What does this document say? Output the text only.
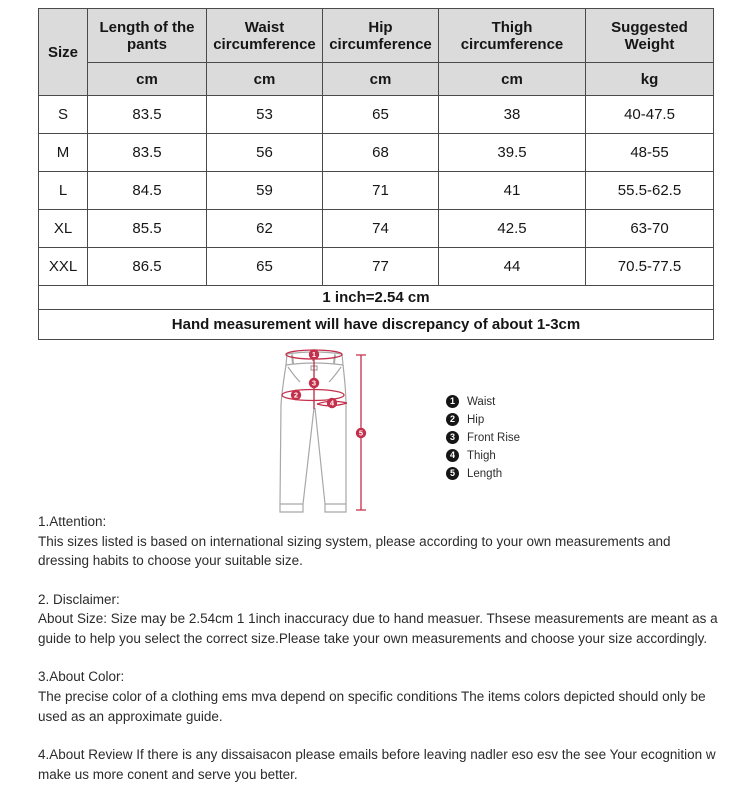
Size	Length of the pants	Waist circumference	Hip circumference	Thigh circumference	Suggested Weight
	cm	cm	cm	cm	kg
S	83.5	53	65	38	40-47.5
M	83.5	56	68	39.5	48-55
L	84.5	59	71	41	55.5-62.5
XL	85.5	62	74	42.5	63-70
XXL	86.5	65	77	44	70.5-77.5
1 inch=2.54 cm					
Hand measurement will have discrepancy of about 1-3cm					
1
2
3
4
5
1	Waist
2	Hip
3	Front Rise
4	Thigh
5	Length
1.Attention:
This sizes listed is based on international sizing system, please according to your own measurements and dressing habits to choose your suitable size.
2. Disclaimer:
About Size: Size may be 2.54cm 1 1inch inaccuracy due to hand measuer. Thsese measurements are meant as a guide to help you select the correct size.Please take your own measurements and choose your size accordingly.
3.About Color:
The precise color of a clothing ems mva depend on specific conditions The items colors depicted should only be   used as an approximate guide.
4.About Review If there is any dissaisacon please emails before leaving nadler eso esv the see Your ecognition w   make us more conent and serve you better.
